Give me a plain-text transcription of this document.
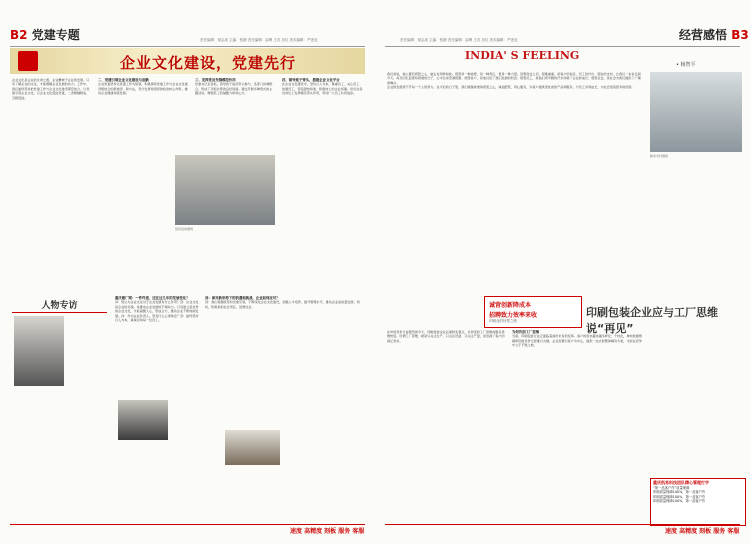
B2 党建专题	责任编辑：梁志成 主编：张静 责任编辑：邵博 王苏 乐位 美术编辑：严进业
企业文化建设，党建先行
企业文化是企业的生命之源，企业精神于企业的发展。只有了解企业的文化，才能理解企业发展的动力。工作中，我们始终坚持把党建工作与企业文化建设紧密结合，以党建引领企业文化，以企业文化促进党建，二者相辅相成、互相促进。
二、党建引领企业文化建设与创新
企业党委坚持以党建工作为统领，积极探索党建工作与企业文化建设相结合的新途径、新方法，充分发挥党组织的政治核心作用，推动企业健康持续发展。
三、发挥党员先锋模范作用
党委书记亲自抓，领导班子成员带头参与，各部门协调配合，形成了齐抓共管的良好局面。通过开展多种形式的主题活动，增强员工的凝聚力和向心力。
四、领导班子带头，搭建企业文化平台
在企业文化建设中，坚持以人为本，尊重员工、关心员工、依靠员工，营造团结和谐、积极向上的企业氛围。党员在各自岗位上发挥模范带头作用，带动广大员工共同进步。
党员活动现场
人物专访
重庆建厂网：一件件道，还在这几年的发展变化？
问：您认为企业文化对于企业发展有什么作用？答：企业文化是企业的灵魂，是推动企业发展的不竭动力。只有建立起优秀的企业文化，才能凝聚人心，形成合力，推动企业不断向前发展。问：作为企业负责人，您有什么心得体会？答：始终坚持以人为本，真诚对待每一位员工。
问：面对新形势下的机遇和挑战，企业如何应对？
答：我们将继续坚持党建引领，不断深化企业文化建设，加强人才培养，提升管理水平，推动企业高质量发展。同时，积极承担社会责任，回馈社会。
速度 高精度 刻板 服务 客服
责任编辑：梁志成 主编：张静 责任编辑：邵博 王苏 乐位 美术编辑：严进业	经营感悟 B3
INDIA' S FEELING
• 杨智平
我们常说，做人要有感恩之心，做企业同样如此。感恩是一种美德，是一种责任，更是一种力量。回想创业之初，困难重重，是客户的信任、员工的付出、朋友的支持，让我们一步步走到今天。每当回忆起那些艰难的日子，心中总是充满感激。感恩客户，是他们给了我们发展的机会；感恩员工，是他们用辛勤的汗水铸就了企业的成长；感恩社会，是社会为我们提供了广阔的舞台。
企业的发展离不开每一个人的努力。在今后的日子里，我们将继续秉承感恩之心，诚信经营，用心服务，为客户提供更优质的产品和服务，与员工共同成长，为社会创造更多的价值。
新车交付现场
诚营创新降成本
招聘致力效率来收
印刷业的转型之路
印刷包装企业应与工厂思维说“再见”
在市场竞争日益激烈的今天，印刷包装企业必须转变观念，从传统的工厂思维向服务思维转变。所谓工厂思维，就是只关注生产、只关注设备、只关注产量，而忽视了客户的真正需求。
为何告别工厂思维
当前，印刷包装行业正面临着前所未有的变革。客户的需求越来越多样化、个性化，单纯依靠规模和价格竞争已经难以为继。企业需要以客户为中心，提供一站式的整体解决方案，才能在竞争中立于不败之地。
重庆凯易科技团队精心管理打字
“第一品客户作”质量保障
印刷质量保障100%，第一品客户作
印刷质量保障100%，第一品客户作
印刷质量保障100%，第一品客户作
速度 高精度 刻板 服务 客服
